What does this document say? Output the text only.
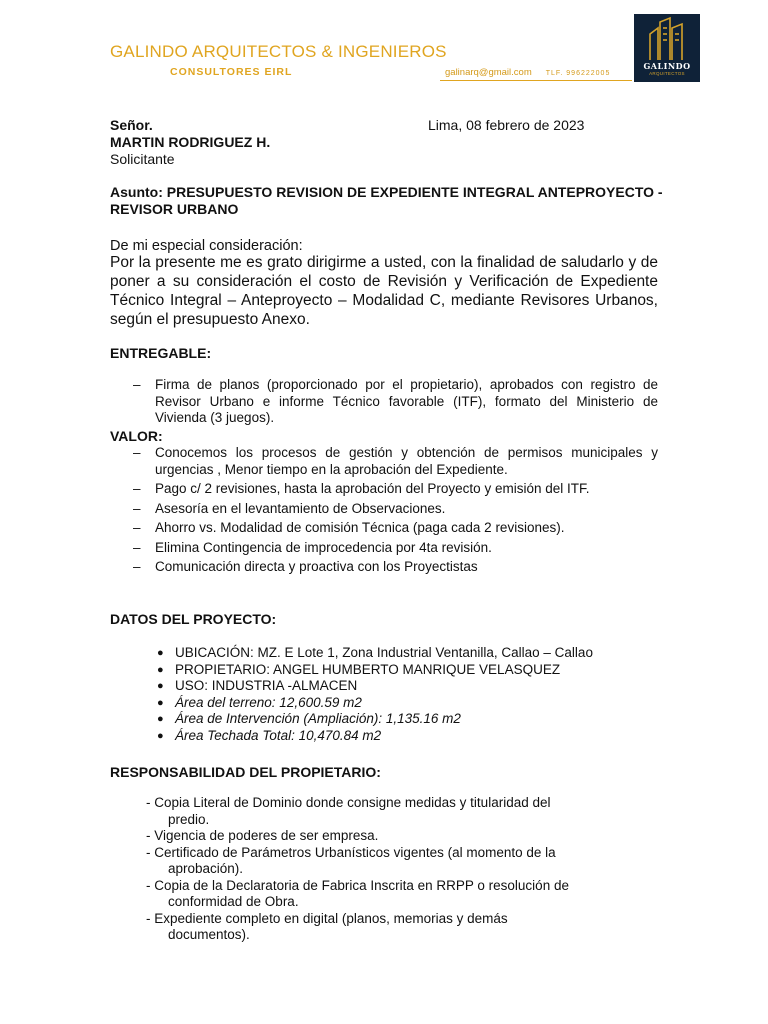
GALINDO ARQUITECTOS & INGENIEROS
CONSULTORES EIRL	galinarq@gmail.com TLF. 996222005
GALINDO
ARQUITECTOS
Señor.	Lima, 08 febrero de 2023
MARTIN RODRIGUEZ H.
Solicitante
Asunto: PRESUPUESTO REVISION DE EXPEDIENTE INTEGRAL ANTEPROYECTO -
REVISOR URBANO
De mi especial consideración:
Por la presente me es grato dirigirme a usted, con la finalidad de saludarlo y de poner a su consideración el costo de Revisión y Verificación de Expediente Técnico Integral – Anteproyecto – Modalidad C, mediante Revisores Urbanos, según el presupuesto Anexo.
ENTREGABLE:
– Firma de planos (proporcionado por el propietario), aprobados con registro de Revisor Urbano e informe Técnico favorable (ITF), formato del Ministerio de Vivienda (3 juegos).
VALOR:
– Conocemos los procesos de gestión y obtención de permisos municipales y urgencias , Menor tiempo en la aprobación del Expediente.
– Pago c/ 2 revisiones, hasta la aprobación del Proyecto y emisión del ITF.
– Asesoría en el levantamiento de Observaciones.
– Ahorro vs. Modalidad de comisión Técnica (paga cada 2 revisiones).
– Elimina Contingencia de improcedencia por 4ta revisión.
– Comunicación directa y proactiva con los Proyectistas
DATOS DEL PROYECTO:
● UBICACIÓN: MZ. E Lote 1, Zona Industrial Ventanilla, Callao – Callao
● PROPIETARIO: ANGEL HUMBERTO MANRIQUE VELASQUEZ
● USO: INDUSTRIA -ALMACEN
● Área del terreno: 12,600.59 m2
● Área de Intervención (Ampliación): 1,135.16 m2
● Área Techada Total: 10,470.84 m2
RESPONSABILIDAD DEL PROPIETARIO:
- Copia Literal de Dominio donde consigne medidas y titularidad del
predio.
- Vigencia de poderes de ser empresa.
- Certificado de Parámetros Urbanísticos vigentes (al momento de la
aprobación).
- Copia de la Declaratoria de Fabrica Inscrita en RRPP o resolución de
conformidad de Obra.
- Expediente completo en digital (planos, memorias y demás
documentos).
